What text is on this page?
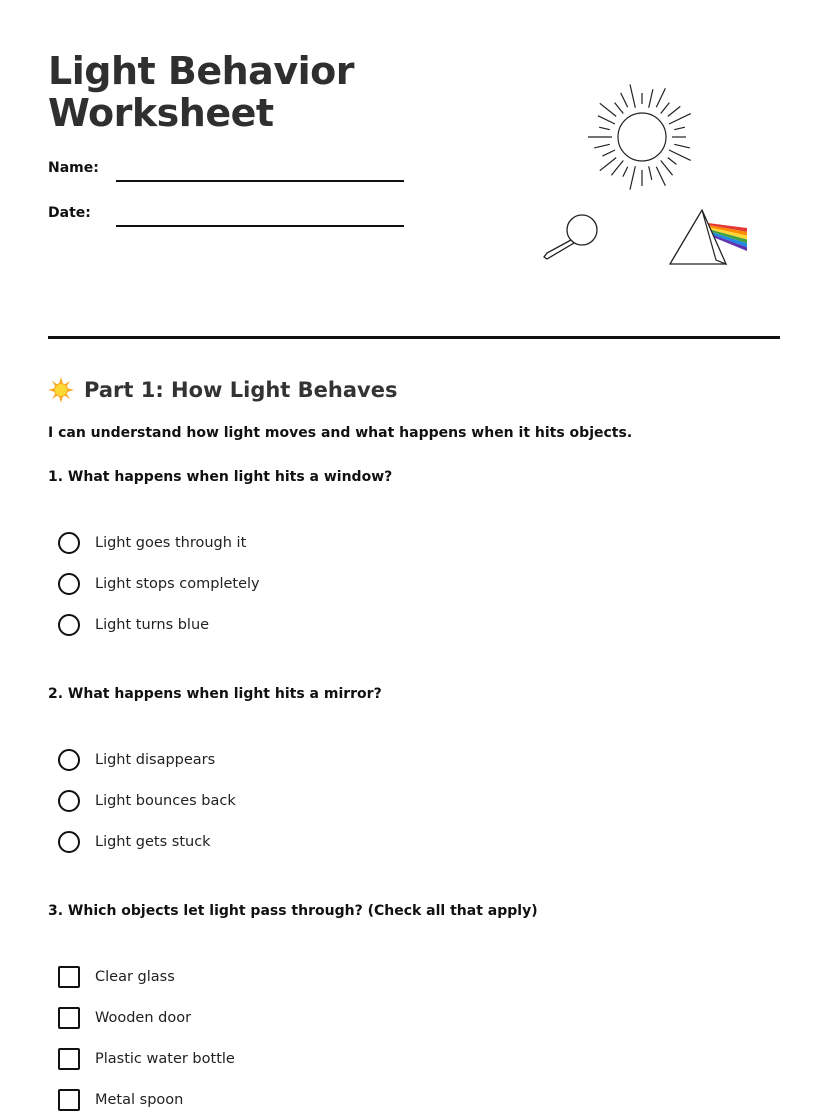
Light Behavior
Worksheet
Name:
Date:
Part 1: How Light Behaves
I can understand how light moves and what happens when it hits objects.
1. What happens when light hits a window?
Light goes through it
Light stops completely
Light turns blue
2. What happens when light hits a mirror?
Light disappears
Light bounces back
Light gets stuck
3. Which objects let light pass through? (Check all that apply)
Clear glass
Wooden door
Plastic water bottle
Metal spoon
